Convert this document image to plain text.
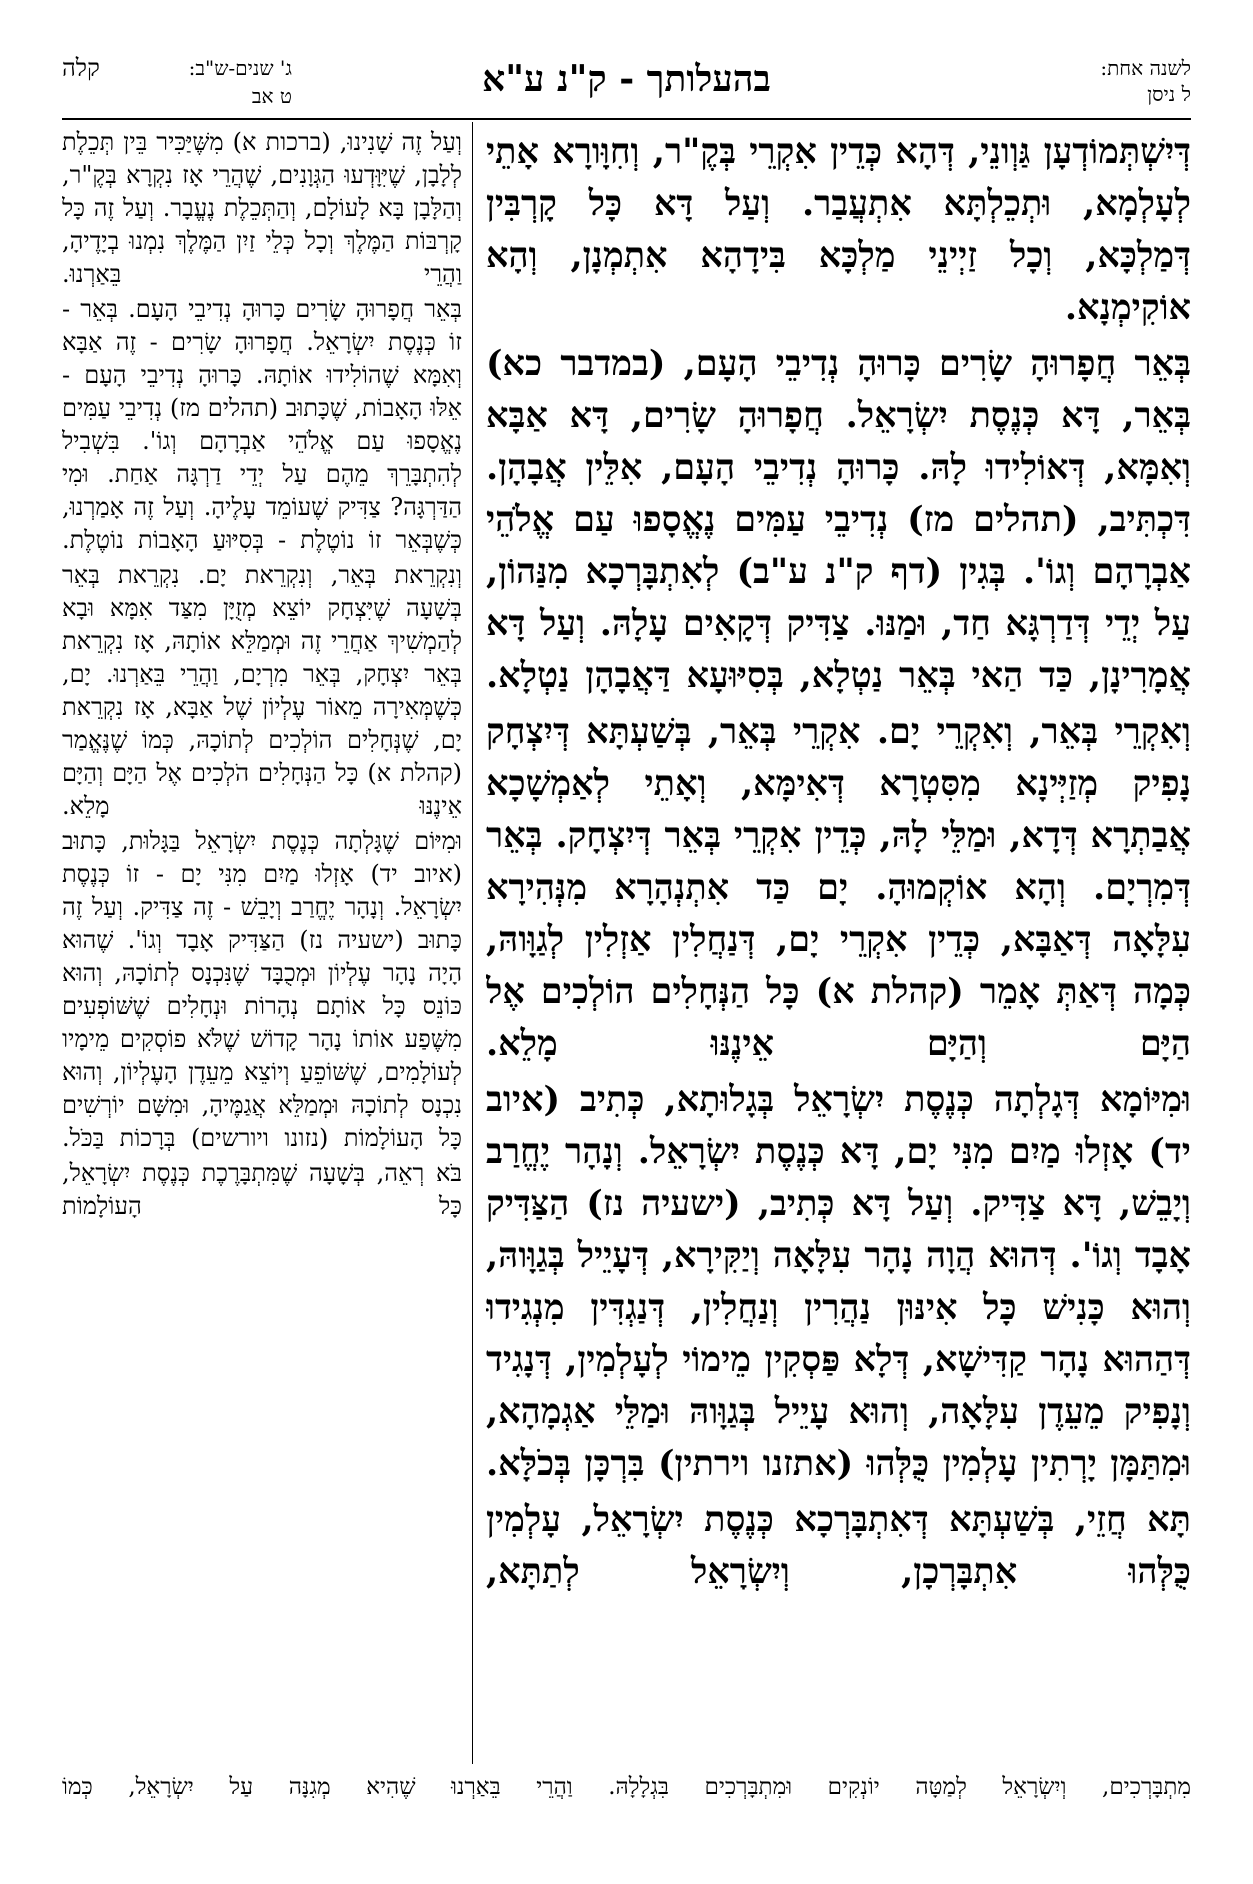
לשנה אחת:
ל ניסן
בהעלותך - ק"נ ע"א
ג' שנים-ש"ב:
ט אב
קלה

דְּיִשְׁתְּמוֹדְעָן גַּוְונֵי, דְּהָא כְּדֵין אִקְרֵי בְּקֶ"ר, וְחִוָּורָא אָתֵי לְעָלְמָא, וּתְכֵלְתָּא אִתְעֲבַר. וְעַל דָּא כָּל קָרְבִּין דְּמַלְכָּא, וְכָל זַיְינֵי מַלְכָּא בִּידָהָא אִתְמְנָן, וְהָא אוֹקִימְנָא.

בְּאֵר חֲפָרוּהָ שָׂרִים כָּרוּהָ נְדִיבֵי הָעָם, (במדבר כא) בְּאֵר, דָּא כְּנֶסֶת יִשְׂרָאֵל. חֲפָרוּהָ שָׂרִים, דָּא אַבָּא וְאִמָּא, דְּאוֹלִידוּ לָהּ. כָּרוּהָ נְדִיבֵי הָעָם, אִלֵּין אֲבָהָן. דִּכְתִּיב, (תהלים מז) נְדִיבֵי עַמִּים נֶאֱסָפוּ עַם אֱלֹהֵי אַבְרָהָם וְגוֹ'. בְּגִין (דף ק"נ ע"ב) לְאִתְבָּרְכָא מִנַּהוֹן, עַל יְדֵי דְּדַרְגָּא חַד, וּמַנּוּ. צַדִּיק דְּקָאִים עָלָהּ. וְעַל דָּא אֲמָרִינָן, כַּד הַאי בְּאֵר נַטְלָא, בְּסִיּוּעָא דַּאֲבָהָן נַטְלָא.

וְאִקְרֵי בְּאֵר, וְאִקְרֵי יָם. אִקְרֵי בְּאֵר, בְּשַׁעְתָּא דְּיִצְחָק נָפִיק מְזַיְּינָא מִסִּטְרָא דְּאִימָּא, וְאָתֵי לְאַמְשָׁכָא אֲבַתְרָא דְּדָא, וּמַלֵּי לָהּ, כְּדֵין אִקְרֵי בְּאֵר דְּיִצְחָק. בְּאֵר דְּמִרְיָם. וְהָא אוֹקְמוּהָ. יָם כַּד אִתְנְהָרָא מִנְּהִירָא עִלָּאָה דְּאַבָּא, כְּדֵין אִקְרֵי יָם, דְּנַחֲלִין אַזְלִין לְגַוָּוהּ, כְּמָה דְּאַתְּ אָמֵר (קהלת א) כָּל הַנְּחָלִים הוֹלְכִים אֶל הַיָּם וְהַיָּם אֵינֶנּוּ מָלֵא.

וּמִיּוֹמָא דְּגָלְתָה כְּנֶסֶת יִשְׂרָאֵל בְּגָלוּתָא, כְּתִיב (איוב יד) אָזְלוּ מַיִם מִנִּי יָם, דָּא כְּנֶסֶת יִשְׂרָאֵל. וְנָהָר יֶחֱרַב וְיָבֵשׁ, דָּא צַדִּיק. וְעַל דָּא כְּתִיב, (ישעיה נז) הַצַּדִּיק אָבָד וְגוֹ'. דְּהוּא הֲוָה נָהָר עִלָּאָה וְיַקִּירָא, דְּעָיֵיל בְּגַוָּוהּ, וְהוּא כָּנִישׁ כָּל אִינּוּן נַהֲרִין וְנַחֲלִין, דְּנַגְדִּין מִנְגִידוּ דְּהַהוּא נָהָר קַדִּישָׁא, דְּלָא פַּסְקִין מֵימוֹי לְעָלְמִין, דְּנָגִיד וְנָפִיק מֵעֵדֶן עִלָּאָה, וְהוּא עָיֵיל בְּגַוָּוהּ וּמַלֵּי אַגְמָהָא, וּמִתַּמָּן יָרְתִין עָלְמִין כֻּלְּהוּ (אתזנו וירתין) בִּרְכָּן בְּכֹלָּא.

תָּא חֲזֵי, בְּשַׁעְתָּא דְּאִתְבָּרְכָא כְּנֶסֶת יִשְׂרָאֵל, עָלְמִין כֻּלְּהוּ אִתְבָּרְכָן, וְיִשְׂרָאֵל לְתַתָּא,

וְעַל זֶה שָׁנִינוּ, (ברכות א) מִשֶּׁיַּכִּיר בֵּין תְּכֵלֶת לְלָבָן, שֶׁיִּוָּדְעוּ הַגְּוָנִים, שֶׁהֲרֵי אָז נִקְרָא בְּקֶ"ר, וְהַלָּבָן בָּא לָעוֹלָם, וְהַתְּכֵלֶת נֶעֱבָר. וְעַל זֶה כָּל קָרְבּוֹת הַמֶּלֶךְ וְכָל כְּלֵי זַיִן הַמֶּלֶךְ נִמְנוּ בְיָדֶיהָ, וַהֲרֵי בֵּאַרְנוּ.

בְּאֵר חֲפָרוּהָ שָׂרִים כָּרוּהָ נְדִיבֵי הָעָם. בְּאֵר - זוֹ כְּנֶסֶת יִשְׂרָאֵל. חֲפָרוּהָ שָׂרִים - זֶה אַבָּא וְאִמָּא שֶׁהוֹלִידוּ אוֹתָהּ. כָּרוּהָ נְדִיבֵי הָעָם - אֵלּוּ הָאָבוֹת, שֶׁכָּתוּב (תהלים מז) נְדִיבֵי עַמִּים נֶאֱסָפוּ עַם אֱלֹהֵי אַבְרָהָם וְגוֹ'. בִּשְׁבִיל לְהִתְבָּרֵךְ מֵהֶם עַל יְדֵי דַרְגָּה אַחַת. וּמִי הַדַּרְגָּה? צַדִּיק שֶׁעוֹמֵד עָלֶיהָ. וְעַל זֶה אָמַרְנוּ, כְּשֶׁבְּאֵר זוֹ נוֹטֶלֶת - בְּסִיּוּעַ הָאָבוֹת נוֹטֶלֶת.

וְנִקְרֵאת בְּאֵר, וְנִקְרֵאת יָם. נִקְרֵאת בְּאֵר בְּשָׁעָה שֶׁיִּצְחָק יוֹצֵא מְזֻיָּן מִצַּד אִמָּא וּבָא לְהַמְשִׁיךְ אַחֲרֵי זֶה וּמְמַלֵּא אוֹתָהּ, אָז נִקְרֵאת בְּאֵר יִצְחָק, בְּאֵר מִרְיָם, וַהֲרֵי בֵּאַרְנוּ. יָם, כְּשֶׁמְּאִירָה מֵאוֹר עֶלְיוֹן שֶׁל אַבָּא, אָז נִקְרֵאת יָם, שֶׁנְּחָלִים הוֹלְכִים לְתוֹכָהּ, כְּמוֹ שֶׁנֶּאֱמַר (קהלת א) כָּל הַנְּחָלִים הֹלְכִים אֶל הַיָּם וְהַיָּם אֵינֶנּוּ מָלֵא.

וּמִיּוֹם שֶׁגָּלְתָה כְּנֶסֶת יִשְׂרָאֵל בַּגָּלוּת, כָּתוּב (איוב יד) אָזְלוּ מַיִם מִנִּי יָם - זוֹ כְּנֶסֶת יִשְׂרָאֵל. וְנָהָר יֶחֱרַב וְיָבֵשׁ - זֶה צַדִּיק. וְעַל זֶה כָּתוּב (ישעיה נז) הַצַּדִּיק אָבָד וְגוֹ'. שֶׁהוּא הָיָה נָהָר עֶלְיוֹן וּמְכֻבָּד שֶׁנִּכְנָס לְתוֹכָהּ, וְהוּא כּוֹנֵס כָּל אוֹתָם נְהָרוֹת וּנְחָלִים שֶׁשּׁוֹפְעִים מִשֶּׁפַע אוֹתוֹ נָהָר קָדוֹשׁ שֶׁלֹּא פוֹסְקִים מֵימָיו לְעוֹלָמִים, שֶׁשּׁוֹפֵעַ וְיוֹצֵא מֵעֵדֶן הָעֶלְיוֹן, וְהוּא נִכְנָס לְתוֹכָהּ וּמְמַלֵּא אֲגַמֶּיהָ, וּמִשָּׁם יוֹרְשִׁים כָּל הָעוֹלָמוֹת (נזונו ויורשים) בְּרָכוֹת בַּכֹּל.

בֹּא רְאֵה, בְּשָׁעָה שֶׁמִּתְבָּרֶכֶת כְּנֶסֶת יִשְׂרָאֵל, כָּל הָעוֹלָמוֹת

מִתְבָּרְכִים, וְיִשְׂרָאֵל לְמַטָּה יוֹנְקִים וּמִתְבָּרְכִים בִּגְלָלָהּ. וַהֲרֵי בֵּאַרְנוּ שֶׁהִיא מְגִנָּה עַל יִשְׂרָאֵל, כְּמוֹ
